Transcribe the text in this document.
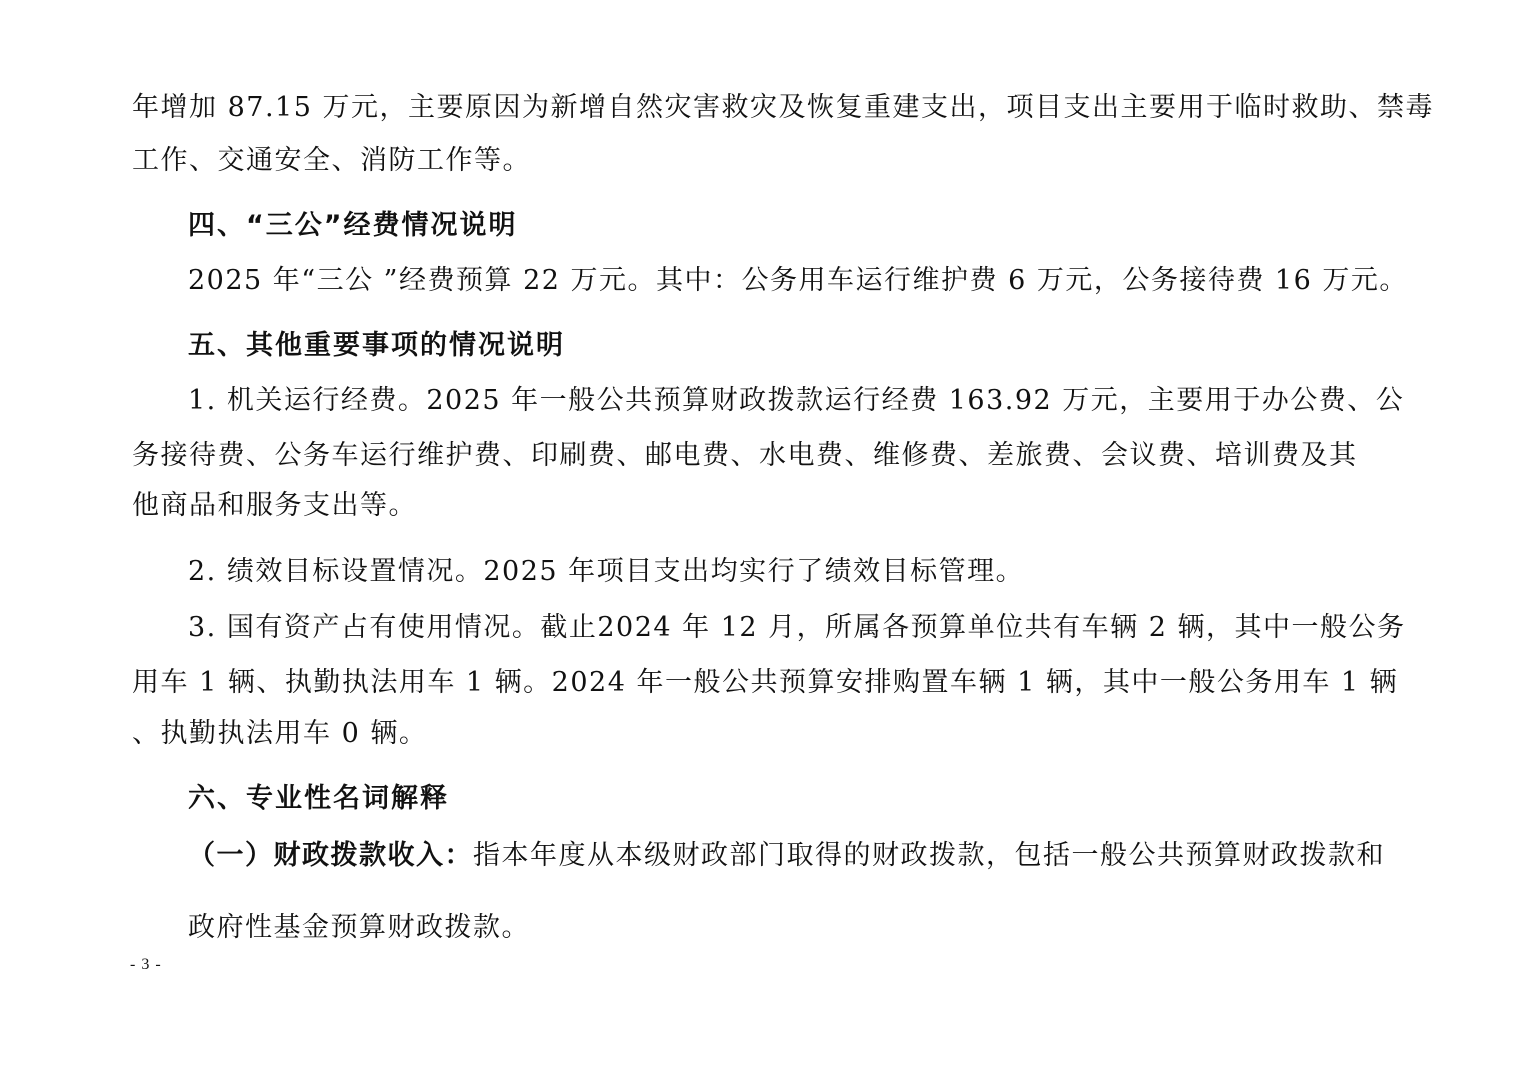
年增加 87.15 万元，主要原因为新增自然灾害救灾及恢复重建支出，项目支出主要用于临时救助、禁毒
工作、交通安全、消防工作等。
四、“三公”经费情况说明
2025 年“三公 ”经费预算 22 万元。其中：公务用车运行维护费 6 万元，公务接待费 16 万元。
五、其他重要事项的情况说明
1. 机关运行经费。2025 年一般公共预算财政拨款运行经费 163.92 万元，主要用于办公费、公
务接待费、公务车运行维护费、印刷费、邮电费、水电费、维修费、差旅费、会议费、培训费及其
他商品和服务支出等。
2. 绩效目标设置情况。2025 年项目支出均实行了绩效目标管理。
3. 国有资产占有使用情况。截止2024 年 12 月，所属各预算单位共有车辆 2 辆，其中一般公务
用车 1 辆、执勤执法用车 1 辆。2024 年一般公共预算安排购置车辆 1 辆，其中一般公务用车 1 辆
、执勤执法用车 0 辆。
六、专业性名词解释
（一）财政拨款收入：指本年度从本级财政部门取得的财政拨款，包括一般公共预算财政拨款和
政府性基金预算财政拨款。
- 3 -
